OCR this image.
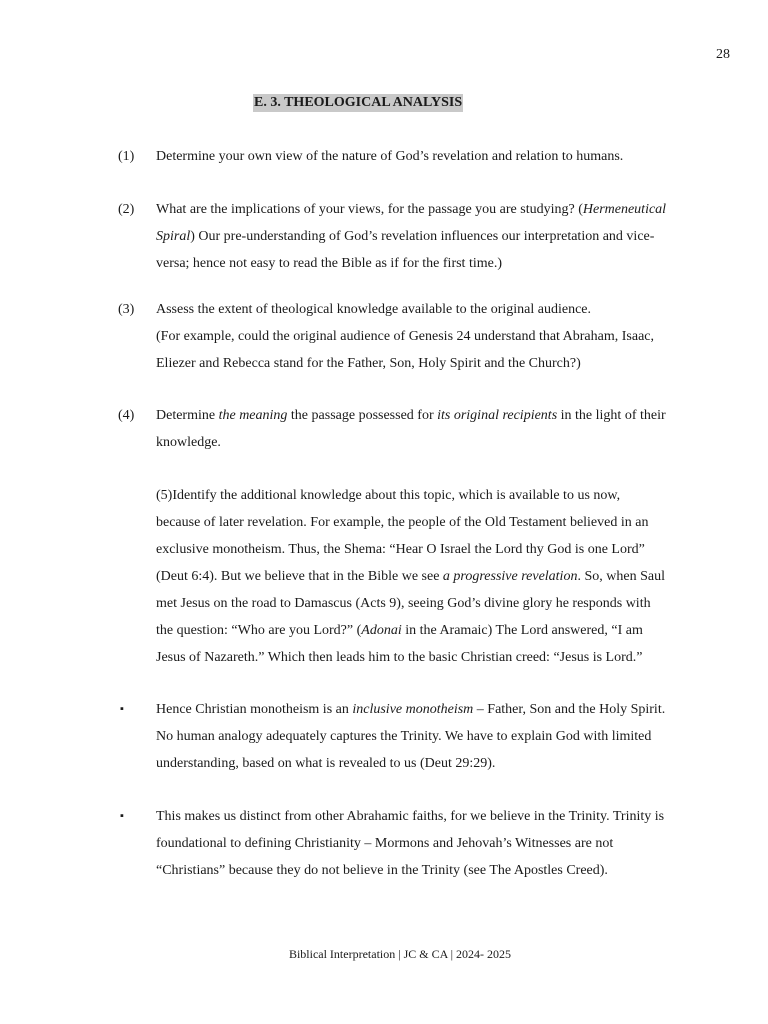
28
E. 3. THEOLOGICAL ANALYSIS
(1) Determine your own view of the nature of God’s revelation and relation to humans.
(2) What are the implications of your views, for the passage you are studying? (Hermeneutical
Spiral) Our pre-understanding of God’s revelation influences our interpretation and vice-
versa; hence not easy to read the Bible as if for the first time.)
(3) Assess the extent of theological knowledge available to the original audience.
(For example, could the original audience of Genesis 24 understand that Abraham, Isaac,
Eliezer and Rebecca stand for the Father, Son, Holy Spirit and the Church?)
(4) Determine the meaning the passage possessed for its original recipients in the light of their
knowledge.
(5)Identify the additional knowledge about this topic, which is available to us now,
because of later revelation. For example, the people of the Old Testament believed in an
exclusive monotheism. Thus, the Shema: “Hear O Israel the Lord thy God is one Lord”
(Deut 6:4). But we believe that in the Bible we see a progressive revelation. So, when Saul
met Jesus on the road to Damascus (Acts 9), seeing God’s divine glory he responds with
the question: “Who are you Lord?” (Adonai in the Aramaic) The Lord answered, “I am
Jesus of Nazareth.” Which then leads him to the basic Christian creed: “Jesus is Lord.”
▪ Hence Christian monotheism is an inclusive monotheism – Father, Son and the Holy Spirit.
No human analogy adequately captures the Trinity. We have to explain God with limited
understanding, based on what is revealed to us (Deut 29:29).
▪ This makes us distinct from other Abrahamic faiths, for we believe in the Trinity. Trinity is
foundational to defining Christianity – Mormons and Jehovah’s Witnesses are not
“Christians” because they do not believe in the Trinity (see The Apostles Creed).
Biblical Interpretation | JC & CA | 2024- 2025
